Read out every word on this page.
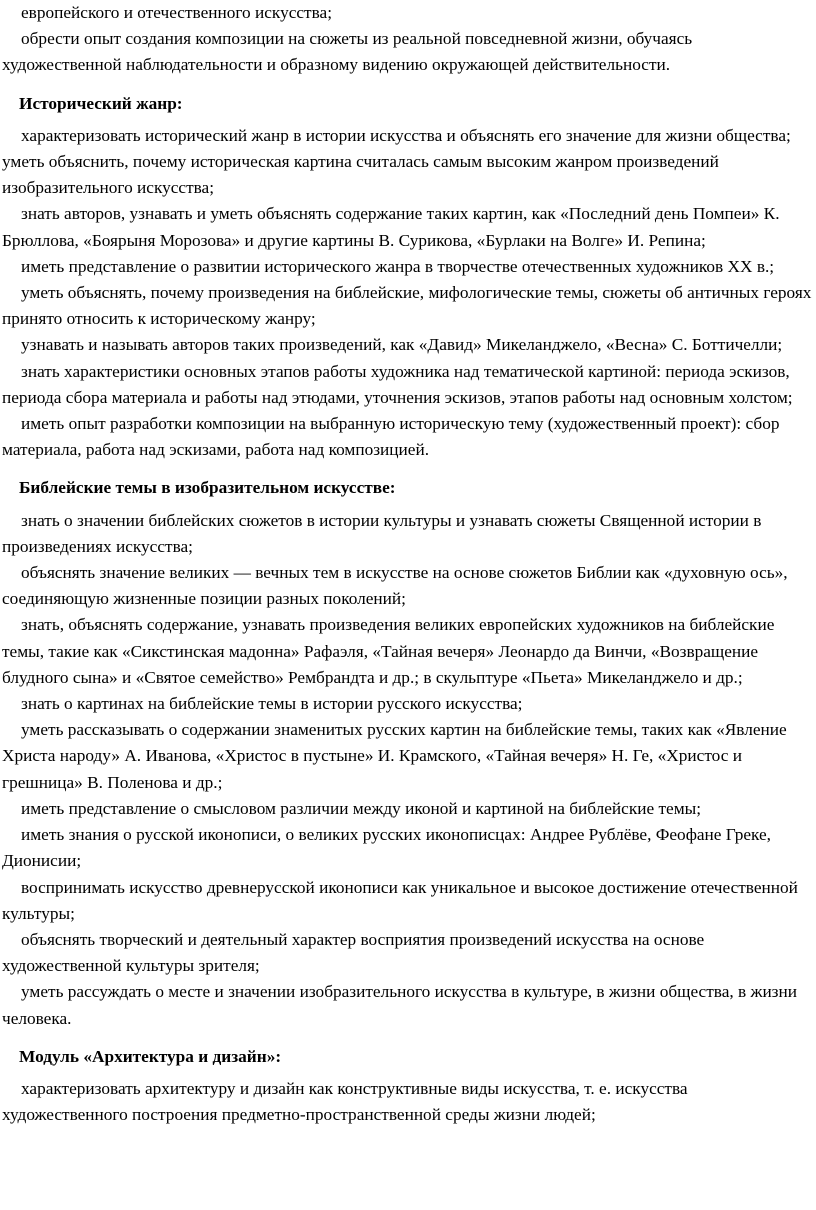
европейского и отечественного искусства;

обрести опыт создания композиции на сюжеты из реальной повседневной жизни, обучаясь художественной наблюдательности и образному видению окружающей действительности.

Исторический жанр:

характеризовать исторический жанр в истории искусства и объяснять его значение для жизни общества; уметь объяснить, почему историческая картина считалась самым высоким жанром произведений изобразительного искусства;

знать авторов, узнавать и уметь объяснять содержание таких картин, как «Последний день Помпеи» К. Брюллова, «Боярыня Морозова» и другие картины В. Сурикова, «Бурлаки на Волге» И. Репина;

иметь представление о развитии исторического жанра в творчестве отечественных художников ХХ в.;

уметь объяснять, почему произведения на библейские, мифологические темы, сюжеты об античных героях принято относить к историческому жанру;

узнавать и называть авторов таких произведений, как «Давид» Микеланджело, «Весна» С. Боттичелли;

знать характеристики основных этапов работы художника над тематической картиной: периода эскизов, периода сбора материала и работы над этюдами, уточнения эскизов, этапов работы над основным холстом;

иметь опыт разработки композиции на выбранную историческую тему (художественный проект): сбор материала, работа над эскизами, работа над композицией.

Библейские темы в изобразительном искусстве:

знать о значении библейских сюжетов в истории культуры и узнавать сюжеты Священной истории в произведениях искусства;

объяснять значение великих — вечных тем в искусстве на основе сюжетов Библии как «духовную ось», соединяющую жизненные позиции разных поколений;

знать, объяснять содержание, узнавать произведения великих европейских художников на библейские темы, такие как «Сикстинская мадонна» Рафаэля, «Тайная вечеря» Леонардо да Винчи, «Возвращение блудного сына» и «Святое семейство» Рембрандта и др.; в скульптуре «Пьета» Микеланджело и др.;

знать о картинах на библейские темы в истории русского искусства;

уметь рассказывать о содержании знаменитых русских картин на библейские темы, таких как «Явление Христа народу» А. Иванова, «Христос в пустыне» И. Крамского, «Тайная вечеря» Н. Ге, «Христос и грешница» В. Поленова и др.;

иметь представление о смысловом различии между иконой и картиной на библейские темы;

иметь знания о русской иконописи, о великих русских иконописцах: Андрее Рублёве, Феофане Греке, Дионисии;

воспринимать искусство древнерусской иконописи как уникальное и высокое достижение отечественной культуры;

объяснять творческий и деятельный характер восприятия произведений искусства на основе художественной культуры зрителя;

уметь рассуждать о месте и значении изобразительного искусства в культуре, в жизни общества, в жизни человека.

Модуль «Архитектура и дизайн»:

характеризовать архитектуру и дизайн как конструктивные виды искусства, т. е. искусства художественного построения предметно-пространственной среды жизни людей;
